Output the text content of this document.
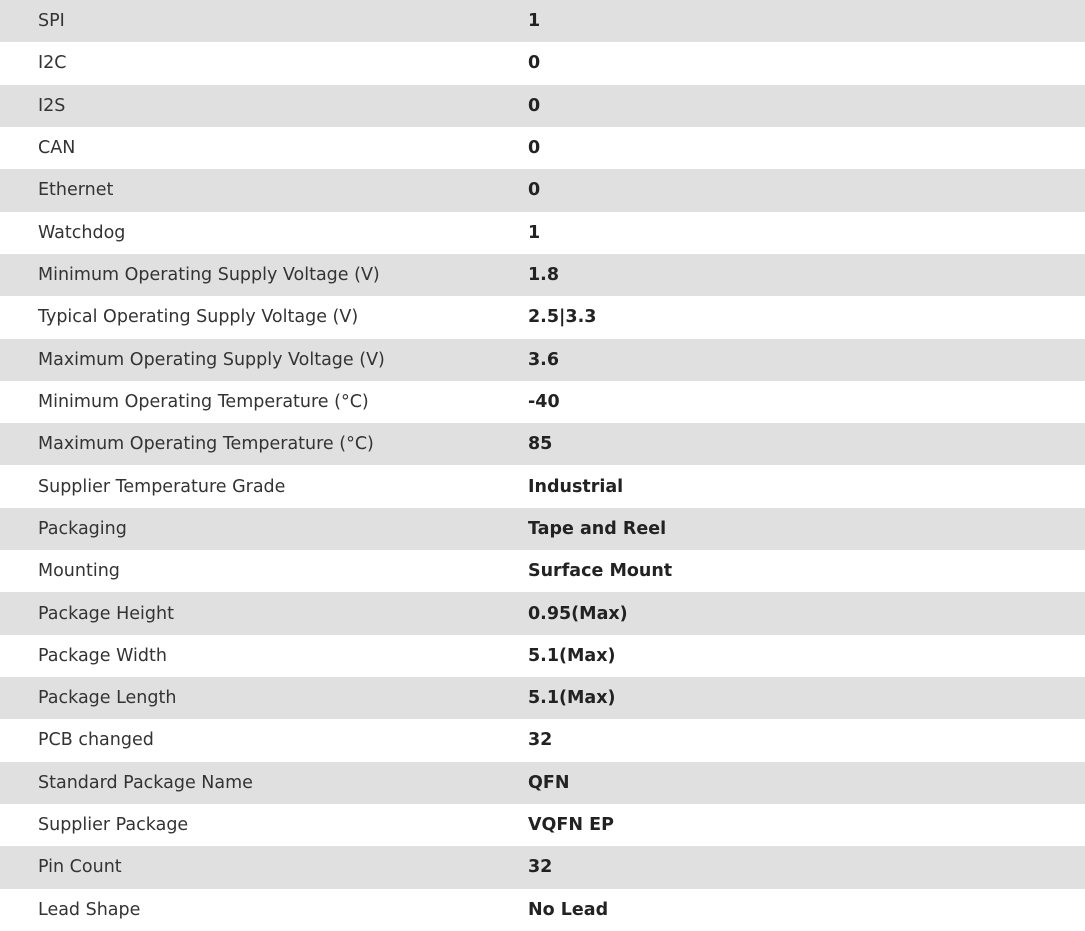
SPI	1
I2C	0
I2S	0
CAN	0
Ethernet	0
Watchdog	1
Minimum Operating Supply Voltage (V)	1.8
Typical Operating Supply Voltage (V)	2.5|3.3
Maximum Operating Supply Voltage (V)	3.6
Minimum Operating Temperature (°C)	-40
Maximum Operating Temperature (°C)	85
Supplier Temperature Grade	Industrial
Packaging	Tape and Reel
Mounting	Surface Mount
Package Height	0.95(Max)
Package Width	5.1(Max)
Package Length	5.1(Max)
PCB changed	32
Standard Package Name	QFN
Supplier Package	VQFN EP
Pin Count	32
Lead Shape	No Lead
